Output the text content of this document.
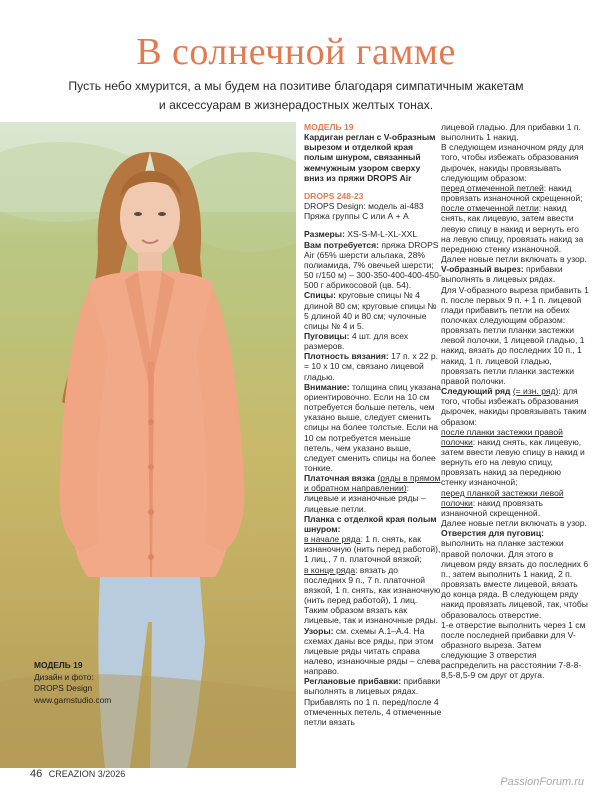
В солнечной гамме
Пусть небо хмурится, а мы будем на позитиве благодаря симпатичным жакетам
и аксессуарам в жизнерадостных желтых тонах.
МОДЕЛЬ 19
Дизайн и фото:
DROPS Design
www.garnstudio.com

МОДЕЛЬ 19

Кардиган реглан с V-образным вырезом и отделкой края полым шнуром, связанный жемчужным узором сверху вниз из пряжи DROPS Air

DROPS 248-23

DROPS Design: модель ai-483

Пряжа группы С или А + А

Размеры: XS-S-M-L-XL-XXL

Вам потребуется: пряжа DROPS Air (65% шерсти альпака, 28% полиамида, 7% овечьей шерсти; 50 г/150 м) – 300-350-400-400-450-500 г абрикосовой (цв. 54).

Спицы: круговые спицы № 4 длиной 80 см; круговые спицы № 5 длиной 40 и 80 см; чулочные спицы № 4 и 5.

Пуговицы: 4 шт. для всех размеров.

Плотность вязания: 17 п. х 22 р. = 10 х 10 см, связано лицевой гладью.

Внимание: толщина спиц указана ориентировочно. Если на 10 см потребуется больше петель, чем указано выше, следует сменить спицы на более толстые. Если на 10 см потребуется меньше петель, чем указано выше, следует сменить спицы на более тонкие.

Платочная вязка (ряды в прямом и обратном направлении): лицевые и изнаночные ряды – лицевые петли.

Планка с отделкой края полым шнуром:

в начале ряда: 1 п. снять, как изнаночную (нить перед работой), 1 лиц., 7 п. платочной вязкой;

в конце ряда: вязать до последних 9 п., 7 п. платочной вязкой, 1 п. снять, как изнаночную (нить перед работой), 1 лиц.

Таким образом вязать как лицевые, так и изнаночные ряды.

Узоры: см. схемы А.1–А.4. На схемах даны все ряды, при этом лицевые ряды читать справа налево, изнаночные ряды – слева направо.

Реглановые прибавки: прибавки выполнять в лицевых рядах.

Прибавлять по 1 п. перед/после 4 отмеченных петель, 4 отмеченные петли вязать

лицевой гладью. Для прибавки 1 п. выполнить 1 накид.

В следующем изнаночном ряду для того, чтобы избежать образования дырочек, накиды провязывать следующим образом:

перед отмеченной петлей: накид провязать изнаночной скрещенной;

после отмеченной петли: накид снять, как лицевую, затем ввести левую спицу в накид и вернуть его на левую спицу, провязать накид за переднюю стенку изнаночной.

Далее новые петли включать в узор.

V-образный вырез: прибавки выполнять в лицевых рядах.

Для V-образного выреза прибавить 1 п. после первых 9 п. + 1 п. лицевой глади прибавить петли на обеих полочках следующим образом: провязать петли планки застежки левой полочки, 1 лицевой гладью, 1 накид, вязать до последних 10 п., 1 накид, 1 п. лицевой гладью, провязать петли планки застежки правой полочки.

Следующий ряд (= изн. ряд): для того, чтобы избежать образования дырочек, накиды провязывать таким образом:

после планки застежки правой полочки: накид снять, как лицевую, затем ввести левую спицу в накид и вернуть его на левую спицу, провязать накид за переднюю стенку изнаночной;

перед планкой застежки левой полочки: накид провязать изнаночной скрещенной.

Далее новые петли включать в узор.

Отверстия для пуговиц: выполнить на планке застежки правой полочки. Для этого в лицевом ряду вязать до последних 6 п., затем выполнить 1 накид, 2 п. провязать вместе лицевой, вязать до конца ряда. В следующем ряду накид провязать лицевой, так, чтобы образовалось отверстие.

1-е отверстие выполнить через 1 см после последней прибавки для V-образного выреза. Затем следующие 3 отверстия распределить на расстоянии 7-8-8-8,5-8,5-9 см друг от друга.

46 CREAZION 3/2026
PassionForum.ru
